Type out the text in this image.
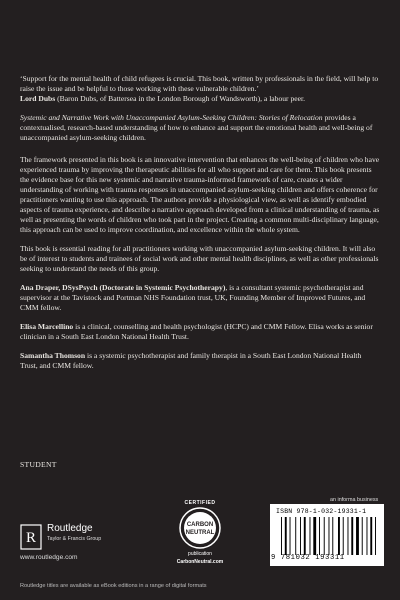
‘Support for the mental health of child refugees is crucial. This book, written by professionals in the field, will help to raise the issue and be helpful to those working with these vulnerable children.’

Lord Dubs (Baron Dubs, of Battersea in the London Borough of Wandsworth), a labour peer.

Systemic and Narrative Work with Unaccompanied Asylum-Seeking Children: Stories of Relocation provides a contextualised, research-based understanding of how to enhance and support the emotional health and well-being of unaccompanied asylum-seeking children.

The framework presented in this book is an innovative intervention that enhances the well-being of children who have experienced trauma by improving the therapeutic abilities for all who support and care for them. This book presents the evidence base for this new systemic and narrative trauma-informed framework of care, creates a wider understanding of working with trauma responses in unaccompanied asylum-seeking children and offers coherence for practitioners wanting to use this approach. The authors provide a physiological view, as well as identify embodied aspects of trauma experience, and describe a narrative approach developed from a clinical understanding of trauma, as well as presenting the words of children who took part in the project. Creating a common multi-disciplinary language, this approach can be used to improve coordination, and excellence within the whole system.

This book is essential reading for all practitioners working with unaccompanied asylum-seeking children. It will also be of interest to students and trainees of social work and other mental health disciplines, as well as other professionals seeking to understand the needs of this group.

Ana Draper, DSysPsych (Doctorate in Systemic Psychotherapy), is a consultant systemic psychotherapist and supervisor at the Tavistock and Portman NHS Foundation trust, UK, Founding Member of Improved Futures, and CMM fellow.

Elisa Marcellino is a clinical, counselling and health psychologist (HCPC) and CMM Fellow. Elisa works as senior clinician in a South East London National Health Trust.

Samantha Thomson is a systemic psychotherapist and family therapist in a South East London National Health Trust, and CMM fellow.

STUDENT
R
Routledge
Taylor & Francis Group
www.routledge.com
CERTIFIED
CARBON
NEUTRAL
publication
CarbonNeutral.com
an informa business
ISBN 978-1-032-19331-1
9 781032 193311
Routledge titles are available as eBook editions in a range of digital formats
